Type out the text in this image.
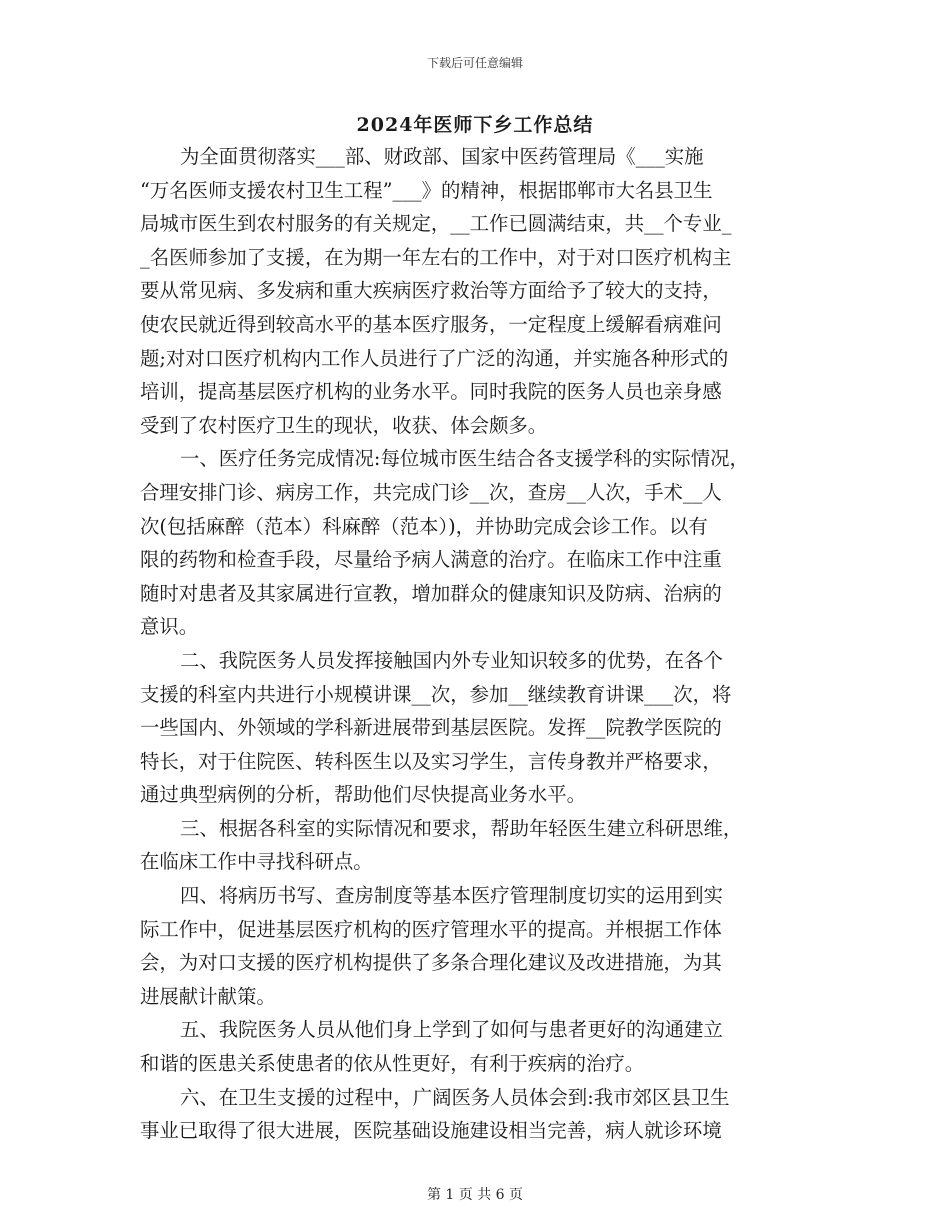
下载后可任意编辑
2024年医师下乡工作总结
为全面贯彻落实___部、财政部、国家中医药管理局《___实施
“万名医师支援农村卫生工程”___》的精神，根据邯郸市大名县卫生
局城市医生到农村服务的有关规定，__工作已圆满结束，共__个专业_
_名医师参加了支援，在为期一年左右的工作中，对于对口医疗机构主
要从常见病、多发病和重大疾病医疗救治等方面给予了较大的支持，
使农民就近得到较高水平的基本医疗服务，一定程度上缓解看病难问
题;对对口医疗机构内工作人员进行了广泛的沟通，并实施各种形式的
培训，提高基层医疗机构的业务水平。同时我院的医务人员也亲身感
受到了农村医疗卫生的现状，收获、体会颇多。
一、医疗任务完成情况:每位城市医生结合各支援学科的实际情况，
合理安排门诊、病房工作，共完成门诊__次，查房__人次，手术__人
次(包括麻醉（范本）科麻醉（范本）)，并协助完成会诊工作。以有
限的药物和检查手段，尽量给予病人满意的治疗。在临床工作中注重
随时对患者及其家属进行宣教，增加群众的健康知识及防病、治病的
意识。
二、我院医务人员发挥接触国内外专业知识较多的优势，在各个
支援的科室内共进行小规模讲课__次，参加__继续教育讲课___次，将
一些国内、外领域的学科新进展带到基层医院。发挥__院教学医院的
特长，对于住院医、转科医生以及实习学生，言传身教并严格要求，
通过典型病例的分析，帮助他们尽快提高业务水平。
三、根据各科室的实际情况和要求，帮助年轻医生建立科研思维，
在临床工作中寻找科研点。
四、将病历书写、查房制度等基本医疗管理制度切实的运用到实
际工作中，促进基层医疗机构的医疗管理水平的提高。并根据工作体
会，为对口支援的医疗机构提供了多条合理化建议及改进措施，为其
进展献计献策。
五、我院医务人员从他们身上学到了如何与患者更好的沟通建立
和谐的医患关系使患者的依从性更好，有利于疾病的治疗。
六、在卫生支援的过程中，广阔医务人员体会到:我市郊区县卫生
事业已取得了很大进展，医院基础设施建设相当完善，病人就诊环境
第 1 页 共 6 页
